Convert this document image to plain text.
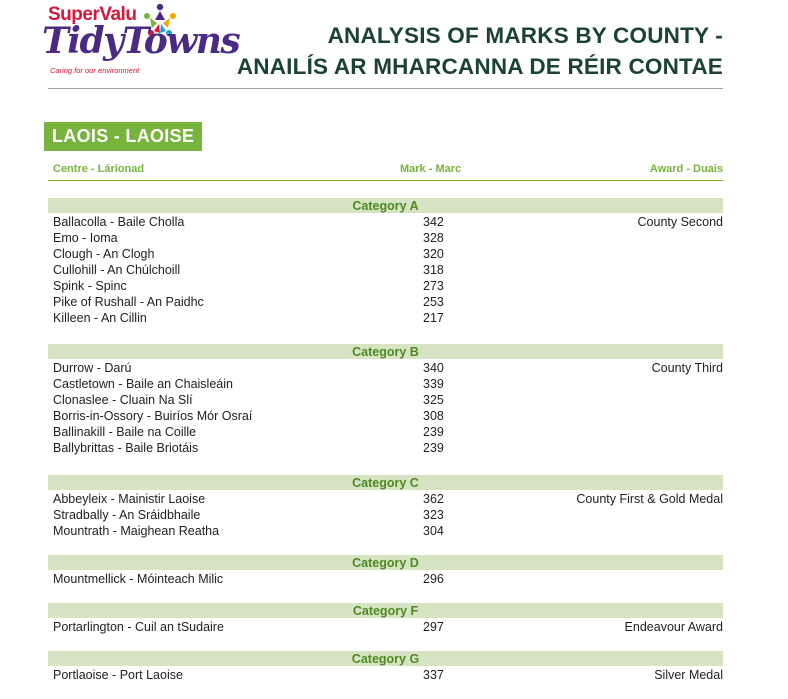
SuperValu
TidyTowns
Caring for our environment
ANALYSIS OF MARKS BY COUNTY -
ANAILÍS AR MHARCANNA DE RÉIR CONTAE
LAOIS - LAOISE
Centre - Lárionad	Mark - Marc	Award - Duais
Category A
Ballacolla - Baile Cholla	342	County Second
Emo - Ioma	328
Clough - An Clogh	320
Cullohill - An Chúlchoill	318
Spink - Spinc	273
Pike of Rushall - An Paidhc	253
Killeen - An Cillin	217
Category B
Durrow - Darú	340	County Third
Castletown - Baile an Chaisleáin	339
Clonaslee - Cluain Na Slí	325
Borris-in-Ossory - Buiríos Mór Osraí	308
Ballinakill - Baile na Coille	239
Ballybrittas - Baile Briotáis	239
Category C
Abbeyleix - Mainistir Laoise	362	County First & Gold Medal
Stradbally - An Sráidbhaile	323
Mountrath - Maighean Reatha	304
Category D
Mountmellick - Móinteach Milic	296
Category F
Portarlington - Cuil an tSudaire	297	Endeavour Award
Category G
Portlaoise - Port Laoise	337	Silver Medal
